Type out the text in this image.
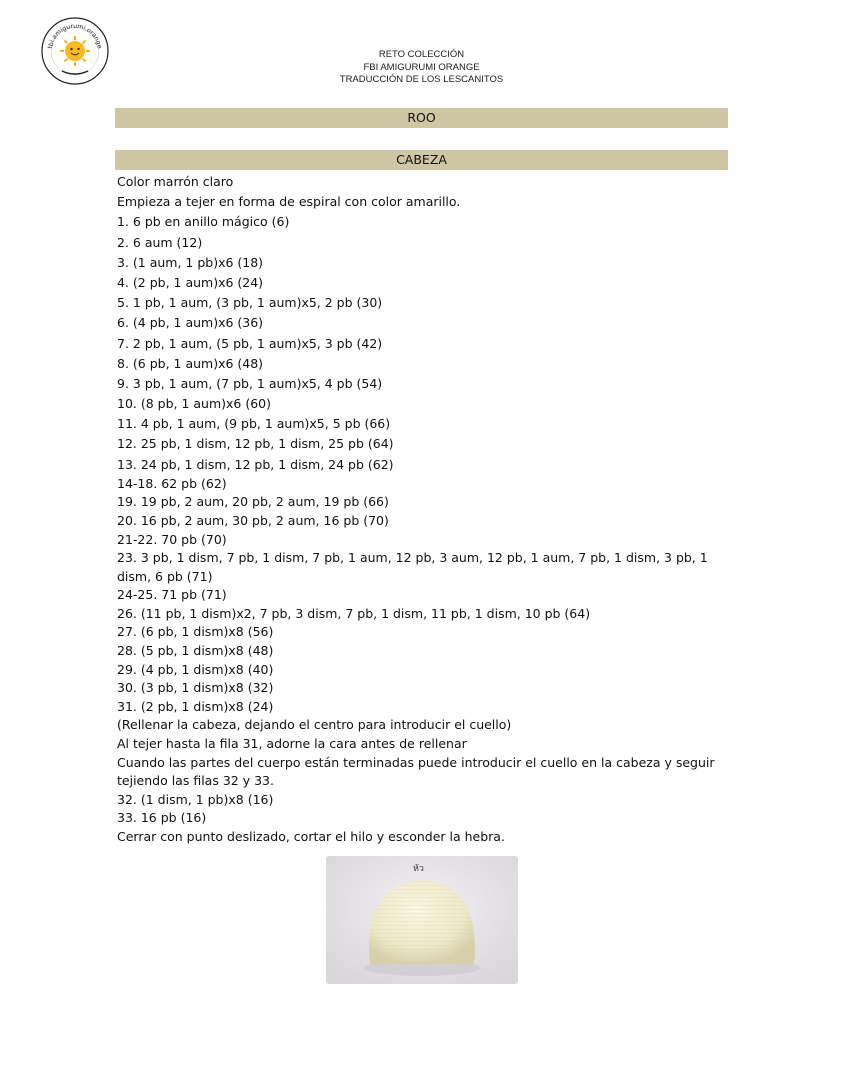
fbi.amigurumi.orange
RETO COLECCIÓN
FBI AMIGURUMI ORANGE
TRADUCCIÓN DE LOS LESCANITOS
ROO
CABEZA
Color marrón claro
Empieza a tejer en forma de espiral con color amarillo.
1. 6 pb en anillo mágico (6)
2. 6 aum (12)
3. (1 aum, 1 pb)x6 (18)
4. (2 pb, 1 aum)x6 (24)
5. 1 pb, 1 aum, (3 pb, 1 aum)x5, 2 pb (30)
6. (4 pb, 1 aum)x6 (36)
7. 2 pb, 1 aum, (5 pb, 1 aum)x5, 3 pb (42)
8. (6 pb, 1 aum)x6 (48)
9. 3 pb, 1 aum, (7 pb, 1 aum)x5, 4 pb (54)
10. (8 pb, 1 aum)x6 (60)
11. 4 pb, 1 aum, (9 pb, 1 aum)x5, 5 pb (66)
12. 25 pb, 1 dism, 12 pb, 1 dism, 25 pb (64)
13. 24 pb, 1 dism, 12 pb, 1 dism, 24 pb (62)
14-18. 62 pb (62)
19. 19 pb, 2 aum, 20 pb, 2 aum, 19 pb (66)
20. 16 pb, 2 aum, 30 pb, 2 aum, 16 pb (70)
21-22. 70 pb (70)
23. 3 pb, 1 dism, 7 pb, 1 dism, 7 pb, 1 aum, 12 pb, 3 aum, 12 pb, 1 aum, 7 pb, 1 dism, 3 pb, 1 dism, 6 pb (71)
24-25. 71 pb (71)
26. (11 pb, 1 dism)x2, 7 pb, 3 dism, 7 pb, 1 dism, 11 pb, 1 dism, 10 pb (64)
27. (6 pb, 1 dism)x8 (56)
28. (5 pb, 1 dism)x8 (48)
29. (4 pb, 1 dism)x8 (40)
30. (3 pb, 1 dism)x8 (32)
31. (2 pb, 1 dism)x8 (24)
(Rellenar la cabeza, dejando el centro para introducir el cuello)
Al tejer hasta la fila 31, adorne la cara antes de rellenar
Cuando las partes del cuerpo están terminadas puede introducir el cuello en la cabeza y seguir tejiendo las filas 32 y 33.
32. (1 dism, 1 pb)x8 (16)
33. 16 pb (16)
Cerrar con punto deslizado, cortar el hilo y esconder la hebra.
หัว
